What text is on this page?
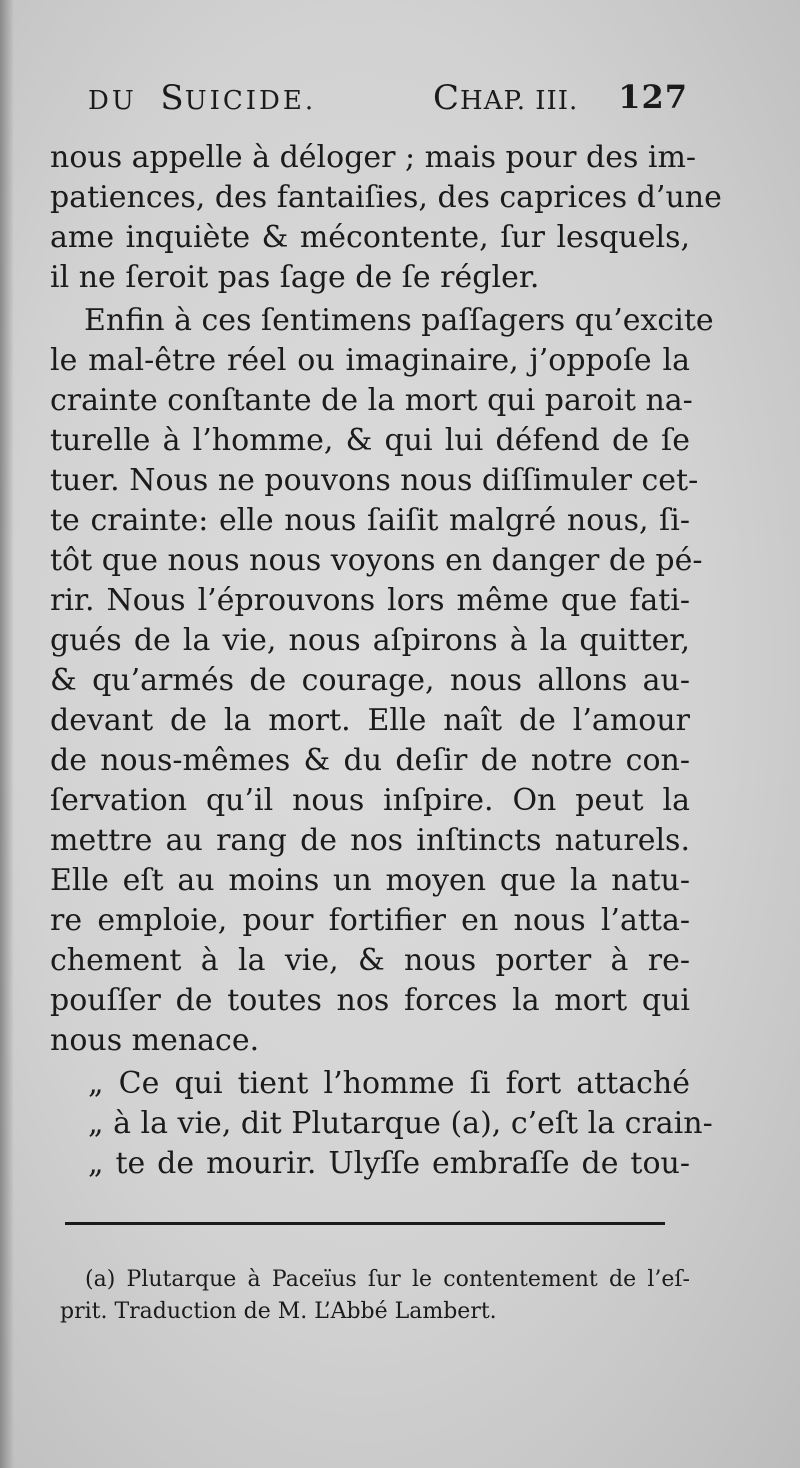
DU SUICIDE.	CHAP. III. 127
nous appelle à déloger ; mais pour des im-
patiences, des fantaiſies, des caprices d’une
ame inquiète & mécontente, ſur lesquels,
il ne ſeroit pas ſage de ſe régler.
Enfin à ces ſentimens paſſagers qu’excite
le mal-être réel ou imaginaire, j’oppoſe la
crainte conſtante de la mort qui paroit na-
turelle à l’homme, & qui lui défend de ſe
tuer. Nous ne pouvons nous diſſimuler cet-
te crainte: elle nous ſaiſit malgré nous, ſi-
tôt que nous nous voyons en danger de pé-
rir. Nous l’éprouvons lors même que fati-
gués de la vie, nous aſpirons à la quitter,
& qu’armés de courage, nous allons au-
devant de la mort. Elle naît de l’amour
de nous-mêmes & du deſir de notre con-
ſervation qu’il nous inſpire. On peut la
mettre au rang de nos inſtincts naturels.
Elle eſt au moins un moyen que la natu-
re emploie, pour fortifier en nous l’atta-
chement à la vie, & nous porter à re-
pouſſer de toutes nos forces la mort qui
nous menace.
„ Ce qui tient l’homme ſi fort attaché
„ à la vie, dit Plutarque (a), c’eſt la crain-
„ te de mourir. Ulyſſe embraſſe de tou-
(a) Plutarque à Paceïus ſur le contentement de l’eſ-
prit. Traduction de M. L’Abbé Lambert.
